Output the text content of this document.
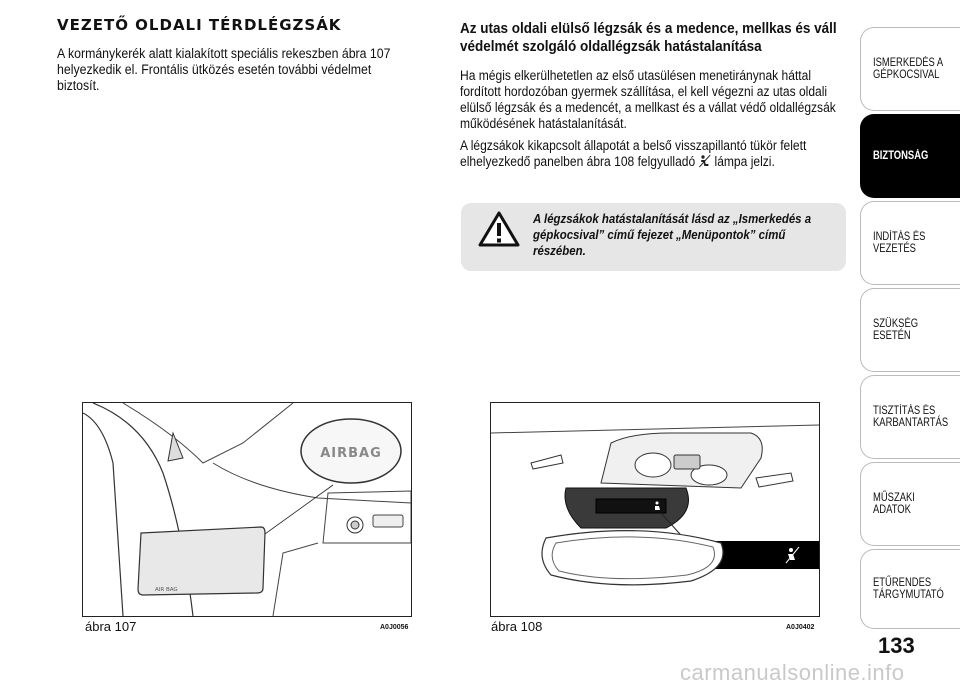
VEZETŐ OLDALI TÉRDLÉGZSÁK

A kormánykerék alatt kialakított speciális rekeszben ábra 107 helyezkedik el. Frontális ütközés esetén további védelmet biztosít.

Az utas oldali elülső légzsák és a medence, mellkas és váll védelmét szolgáló oldallégzsák hatástalanítása

Ha mégis elkerülhetetlen az első utasülésen menetiránynak háttal fordított hordozóban gyermek szállítása, el kell végezni az utas oldali elülső légzsák és a medencét, a mellkast és a vállat védő oldallégzsák működésének hatástalanítását.

A légzsákok kikapcsolt állapotát a belső visszapillantó tükör felett elhelyezkedő panelben ábra 108 felgyulladó lámpa jelzi.

A légzsákok hatástalanítását lásd az „Ismerkedés a gépkocsival” című fejezet „Menüpontok” című részében.
AIRBAG
AIR BAG
ábra 107	A0J0056	ábra 108	A0J0402
ISMERKEDÉS A GÉPKOCSIVAL
BIZTONSÁG
INDÍTÁS ÉS VEZETÉS
SZÜKSÉG ESETÉN
TISZTÍTÁS ÉS KARBANTARTÁS
MŰSZAKI ADATOK
ETŰRENDES TÁRGYMUTATÓ
133
carmanualsonline.info
